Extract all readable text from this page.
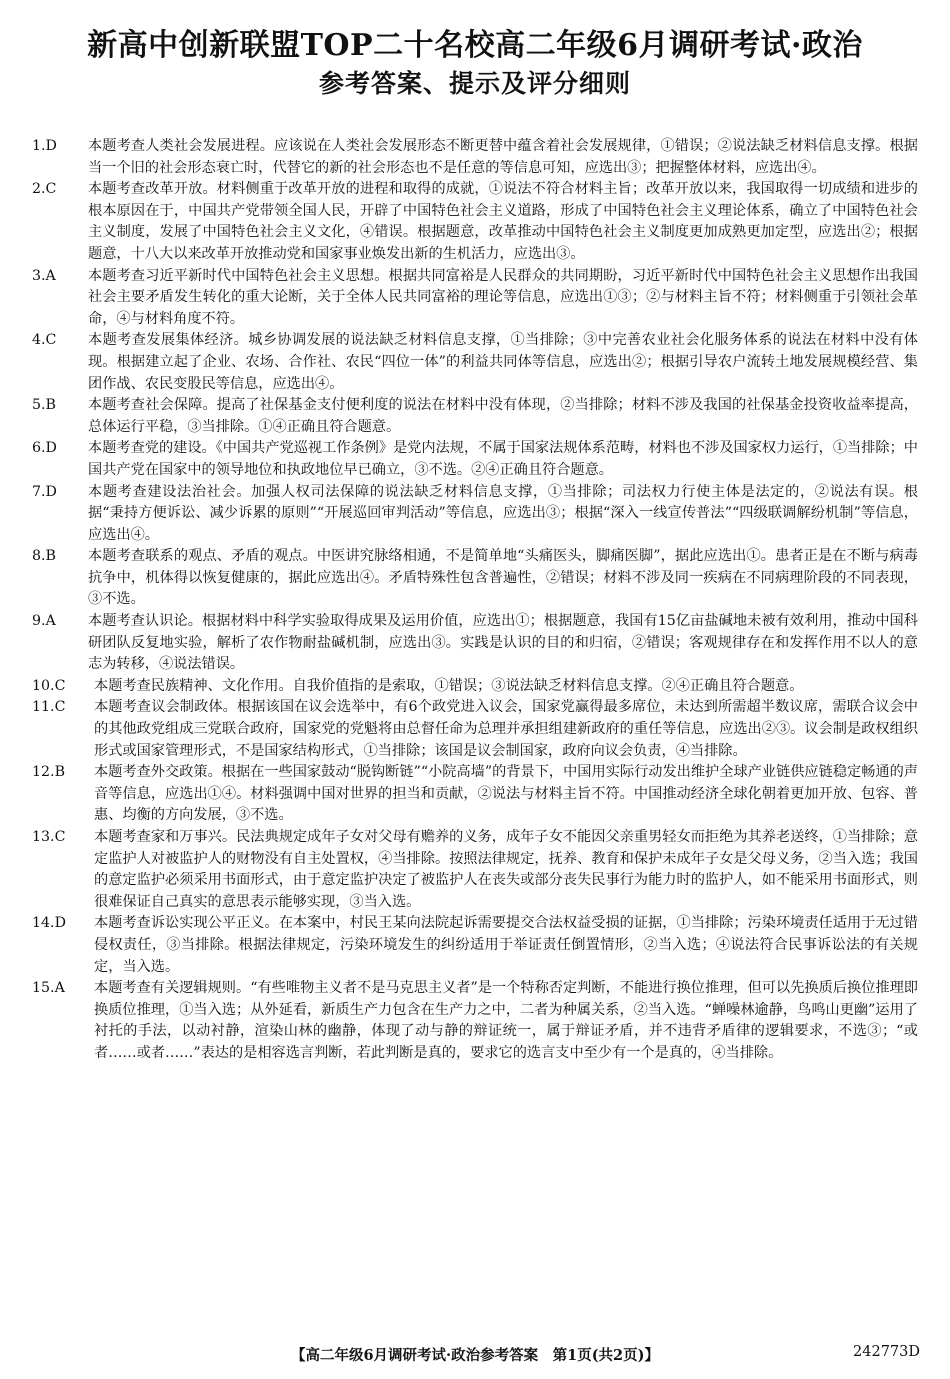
新高中创新联盟TOP二十名校高二年级6月调研考试·政治
参考答案、提示及评分细则
1.D	本题考查人类社会发展进程。应该说在人类社会发展形态不断更替中蕴含着社会发展规律，①错误；②说法缺乏材料信息支撑。根据当一个旧的社会形态衰亡时，代替它的新的社会形态也不是任意的等信息可知，应选出③；把握整体材料，应选出④。
2.C	本题考查改革开放。材料侧重于改革开放的进程和取得的成就，①说法不符合材料主旨；改革开放以来，我国取得一切成绩和进步的根本原因在于，中国共产党带领全国人民，开辟了中国特色社会主义道路，形成了中国特色社会主义理论体系，确立了中国特色社会主义制度，发展了中国特色社会主义文化，④错误。根据题意，改革推动中国特色社会主义制度更加成熟更加定型，应选出②；根据题意，十八大以来改革开放推动党和国家事业焕发出新的生机活力，应选出③。
3.A	本题考查习近平新时代中国特色社会主义思想。根据共同富裕是人民群众的共同期盼，习近平新时代中国特色社会主义思想作出我国社会主要矛盾发生转化的重大论断，关于全体人民共同富裕的理论等信息，应选出①③；②与材料主旨不符；材料侧重于引领社会革命，④与材料角度不符。
4.C	本题考查发展集体经济。城乡协调发展的说法缺乏材料信息支撑，①当排除；③中完善农业社会化服务体系的说法在材料中没有体现。根据建立起了企业、农场、合作社、农民“四位一体”的利益共同体等信息，应选出②；根据引导农户流转土地发展规模经营、集团作战、农民变股民等信息，应选出④。
5.B	本题考查社会保障。提高了社保基金支付便利度的说法在材料中没有体现，②当排除；材料不涉及我国的社保基金投资收益率提高，总体运行平稳，③当排除。①④正确且符合题意。
6.D	本题考查党的建设。《中国共产党巡视工作条例》是党内法规，不属于国家法规体系范畴，材料也不涉及国家权力运行，①当排除；中国共产党在国家中的领导地位和执政地位早已确立，③不选。②④正确且符合题意。
7.D	本题考查建设法治社会。加强人权司法保障的说法缺乏材料信息支撑，①当排除；司法权力行使主体是法定的，②说法有误。根据“秉持方便诉讼、减少诉累的原则”“开展巡回审判活动”等信息，应选出③；根据“深入一线宣传普法”“四级联调解纷机制”等信息，应选出④。
8.B	本题考查联系的观点、矛盾的观点。中医讲究脉络相通，不是简单地“头痛医头，脚痛医脚”，据此应选出①。患者正是在不断与病毒抗争中，机体得以恢复健康的，据此应选出④。矛盾特殊性包含普遍性，②错误；材料不涉及同一疾病在不同病理阶段的不同表现，③不选。
9.A	本题考查认识论。根据材料中科学实验取得成果及运用价值，应选出①；根据题意，我国有15亿亩盐碱地未被有效利用，推动中国科研团队反复地实验，解析了农作物耐盐碱机制，应选出③。实践是认识的目的和归宿，②错误；客观规律存在和发挥作用不以人的意志为转移，④说法错误。
10.C	本题考查民族精神、文化作用。自我价值指的是索取，①错误；③说法缺乏材料信息支撑。②④正确且符合题意。
11.C	本题考查议会制政体。根据该国在议会选举中，有6个政党进入议会，国家党赢得最多席位，未达到所需超半数议席，需联合议会中的其他政党组成三党联合政府，国家党的党魁将由总督任命为总理并承担组建新政府的重任等信息，应选出②③。议会制是政权组织形式或国家管理形式，不是国家结构形式，①当排除；该国是议会制国家，政府向议会负责，④当排除。
12.B	本题考查外交政策。根据在一些国家鼓动“脱钩断链”“小院高墙”的背景下，中国用实际行动发出维护全球产业链供应链稳定畅通的声音等信息，应选出①④。材料强调中国对世界的担当和贡献，②说法与材料主旨不符。中国推动经济全球化朝着更加开放、包容、普惠、均衡的方向发展，③不选。
13.C	本题考查家和万事兴。民法典规定成年子女对父母有赡养的义务，成年子女不能因父亲重男轻女而拒绝为其养老送终，①当排除；意定监护人对被监护人的财物没有自主处置权，④当排除。按照法律规定，抚养、教育和保护未成年子女是父母义务，②当入选；我国的意定监护必须采用书面形式，由于意定监护决定了被监护人在丧失或部分丧失民事行为能力时的监护人，如不能采用书面形式，则很难保证自己真实的意思表示能够实现，③当入选。
14.D	本题考查诉讼实现公平正义。在本案中，村民王某向法院起诉需要提交合法权益受损的证据，①当排除；污染环境责任适用于无过错侵权责任，③当排除。根据法律规定，污染环境发生的纠纷适用于举证责任倒置情形，②当入选；④说法符合民事诉讼法的有关规定，当入选。
15.A	本题考查有关逻辑规则。“有些唯物主义者不是马克思主义者”是一个特称否定判断，不能进行换位推理，但可以先换质后换位推理即换质位推理，①当入选；从外延看，新质生产力包含在生产力之中，二者为种属关系，②当入选。“蝉噪林逾静，鸟鸣山更幽”运用了衬托的手法，以动衬静，渲染山林的幽静，体现了动与静的辩证统一，属于辩证矛盾，并不违背矛盾律的逻辑要求，不选③；“或者……或者……”表达的是相容选言判断，若此判断是真的，要求它的选言支中至少有一个是真的，④当排除。
【高二年级6月调研考试·政治参考答案　第1页(共2页)】	242773D
